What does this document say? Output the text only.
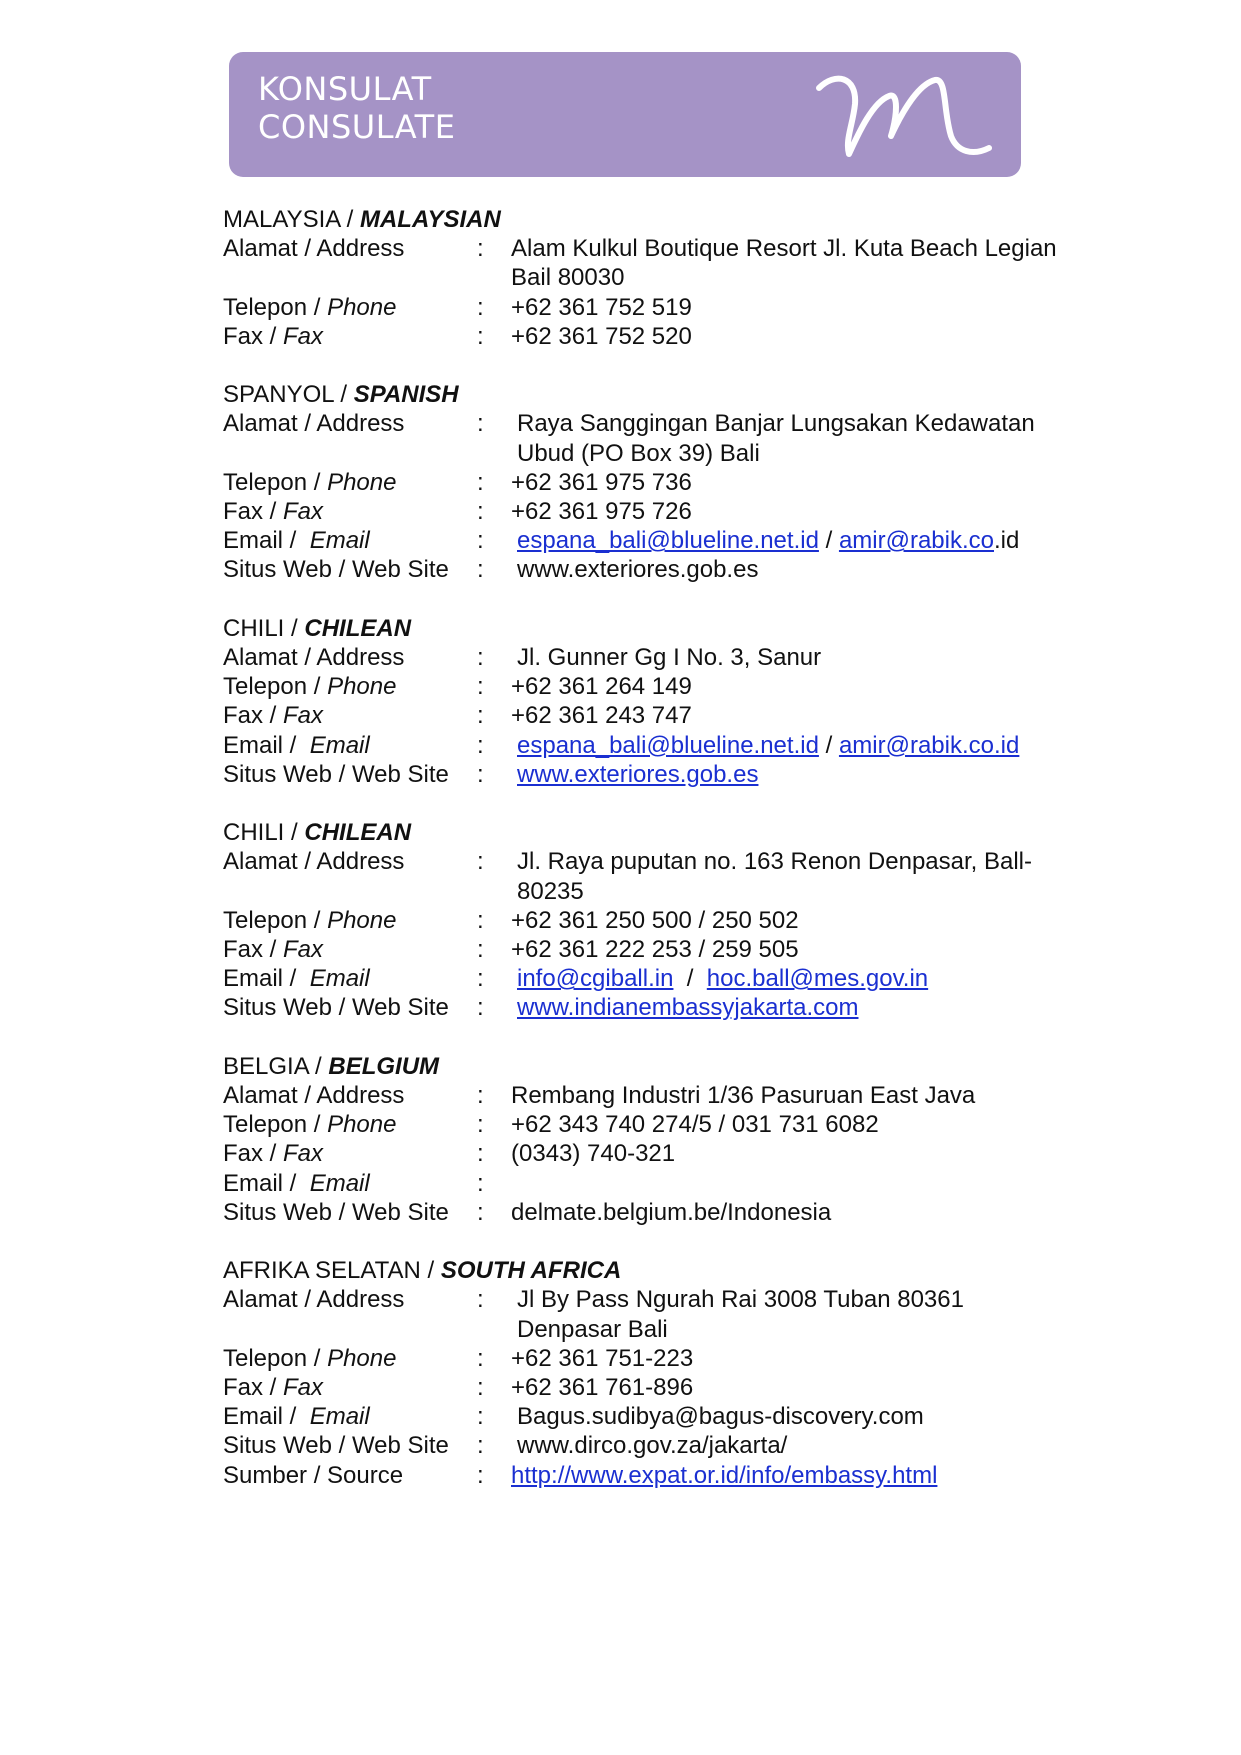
KONSULAT
CONSULATE
MALAYSIA / MALAYSIAN
Alamat / Address	:	Alam Kulkul Boutique Resort Jl. Kuta Beach Legian Bail 80030
Telepon / Phone	:	+62 361 752 519
Fax / Fax	:	+62 361 752 520
SPANYOL / SPANISH
Alamat / Address	:	Raya Sanggingan Banjar Lungsakan Kedawatan Ubud (PO Box 39) Bali
Telepon / Phone	:	+62 361 975 736
Fax / Fax	:	+62 361 975 726
Email / Email	:	espana_bali@blueline.net.id / amir@rabik.co.id
Situs Web / Web Site	:	www.exteriores.gob.es
CHILI / CHILEAN
Alamat / Address	:	Jl. Gunner Gg I No. 3, Sanur
Telepon / Phone	:	+62 361 264 149
Fax / Fax	:	+62 361 243 747
Email / Email	:	espana_bali@blueline.net.id / amir@rabik.co.id
Situs Web / Web Site	:	www.exteriores.gob.es
CHILI / CHILEAN
Alamat / Address	:	Jl. Raya puputan no. 163 Renon Denpasar, Ball-80235
Telepon / Phone	:	+62 361 250 500 / 250 502
Fax / Fax	:	+62 361 222 253 / 259 505
Email / Email	:	info@cgiball.in  /  hoc.ball@mes.gov.in
Situs Web / Web Site	:	www.indianembassyjakarta.com
BELGIA / BELGIUM
Alamat / Address	:	Rembang Industri 1/36 Pasuruan East Java
Telepon / Phone	:	+62 343 740 274/5 / 031 731 6082
Fax / Fax	:	(0343) 740-321
Email / Email	:
Situs Web / Web Site	:	delmate.belgium.be/Indonesia
AFRIKA SELATAN / SOUTH AFRICA
Alamat / Address	:	Jl By Pass Ngurah Rai 3008 Tuban 80361 Denpasar Bali
Telepon / Phone	:	+62 361 751-223
Fax / Fax	:	+62 361 761-896
Email / Email	:	Bagus.sudibya@bagus-discovery.com
Situs Web / Web Site	:	www.dirco.gov.za/jakarta/
Sumber / Source	:	http://www.expat.or.id/info/embassy.html
